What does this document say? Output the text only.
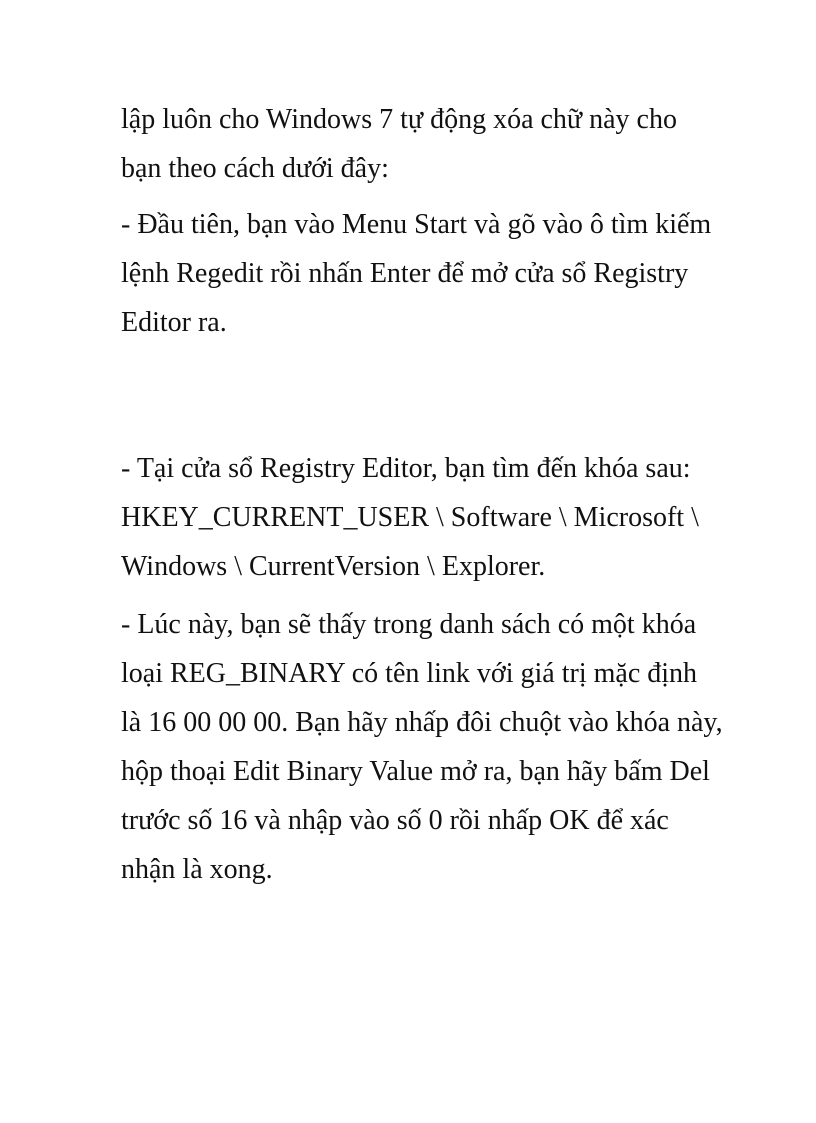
lập luôn cho Windows 7 tự động xóa chữ này cho
bạn theo cách dưới đây:

- Đầu tiên, bạn vào Menu Start và gõ vào ô tìm kiếm
lệnh Regedit rồi nhấn Enter để mở cửa sổ Registry
Editor ra.

- Tại cửa sổ Registry Editor, bạn tìm đến khóa sau:
HKEY_CURRENT_USER \ Software \ Microsoft \
Windows \ CurrentVersion \ Explorer.

- Lúc này, bạn sẽ thấy trong danh sách có một khóa
loại REG_BINARY có tên link với giá trị mặc định
là 16 00 00 00. Bạn hãy nhấp đôi chuột vào khóa này,
hộp thoại Edit Binary Value mở ra, bạn hãy bấm Del
trước số 16 và nhập vào số 0 rồi nhấp OK để xác
nhận là xong.
